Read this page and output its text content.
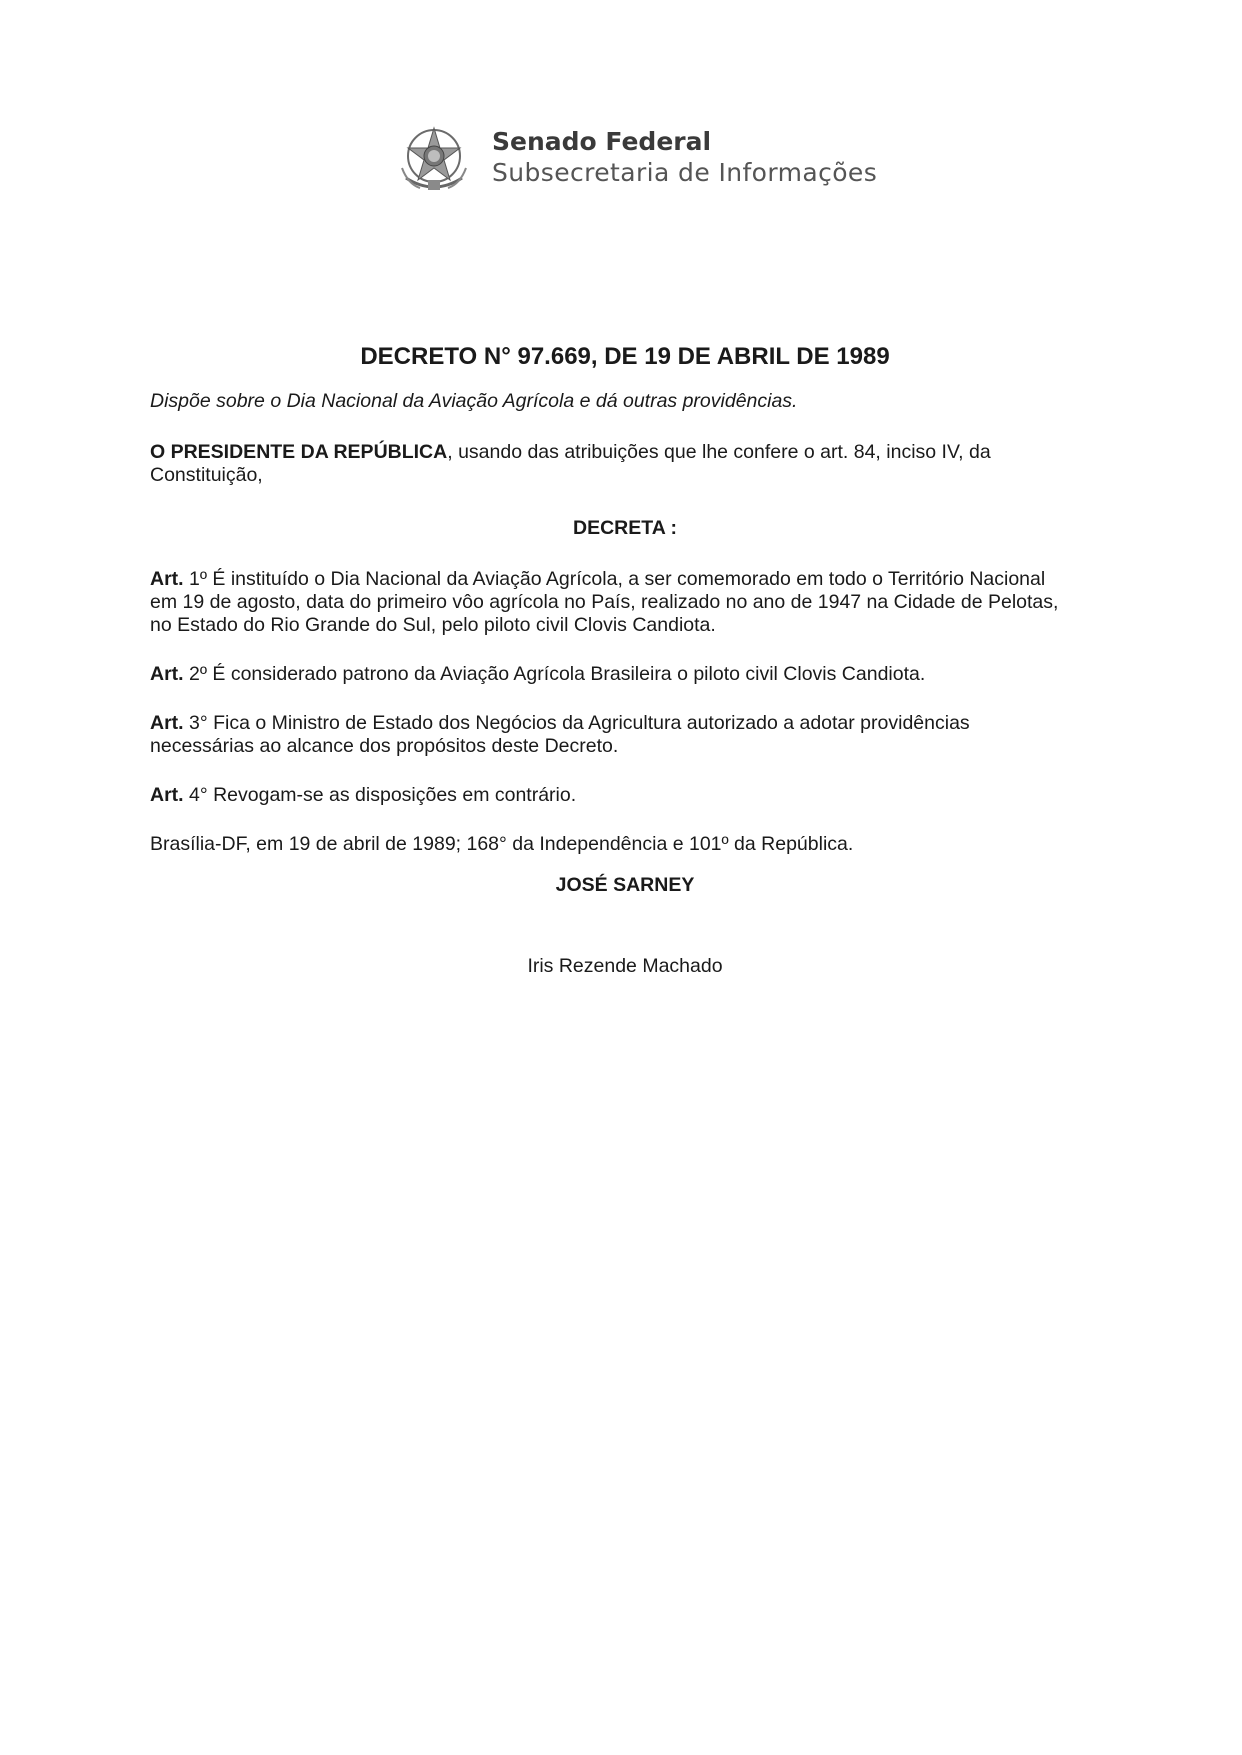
Senado Federal
Subsecretaria de Informações

DECRETO N° 97.669, DE 19 DE ABRIL DE 1989

Dispõe sobre o Dia Nacional da Aviação Agrícola e dá outras providências.

O PRESIDENTE DA REPÚBLICA, usando das atribuições que lhe confere o art. 84, inciso IV, da Constituição,

DECRETA :

Art. 1º É instituído o Dia Nacional da Aviação Agrícola, a ser comemorado em todo o Território Nacional em 19 de agosto, data do primeiro vôo agrícola no País, realizado no ano de 1947 na Cidade de Pelotas, no Estado do Rio Grande do Sul, pelo piloto civil Clovis Candiota.

Art. 2º É considerado patrono da Aviação Agrícola Brasileira o piloto civil Clovis Candiota.

Art. 3° Fica o Ministro de Estado dos Negócios da Agricultura autorizado a adotar providências necessárias ao alcance dos propósitos deste Decreto.

Art. 4° Revogam-se as disposições em contrário.

Brasília-DF, em 19 de abril de 1989; 168° da Independência e 101º da República.

JOSÉ SARNEY

Iris Rezende Machado
